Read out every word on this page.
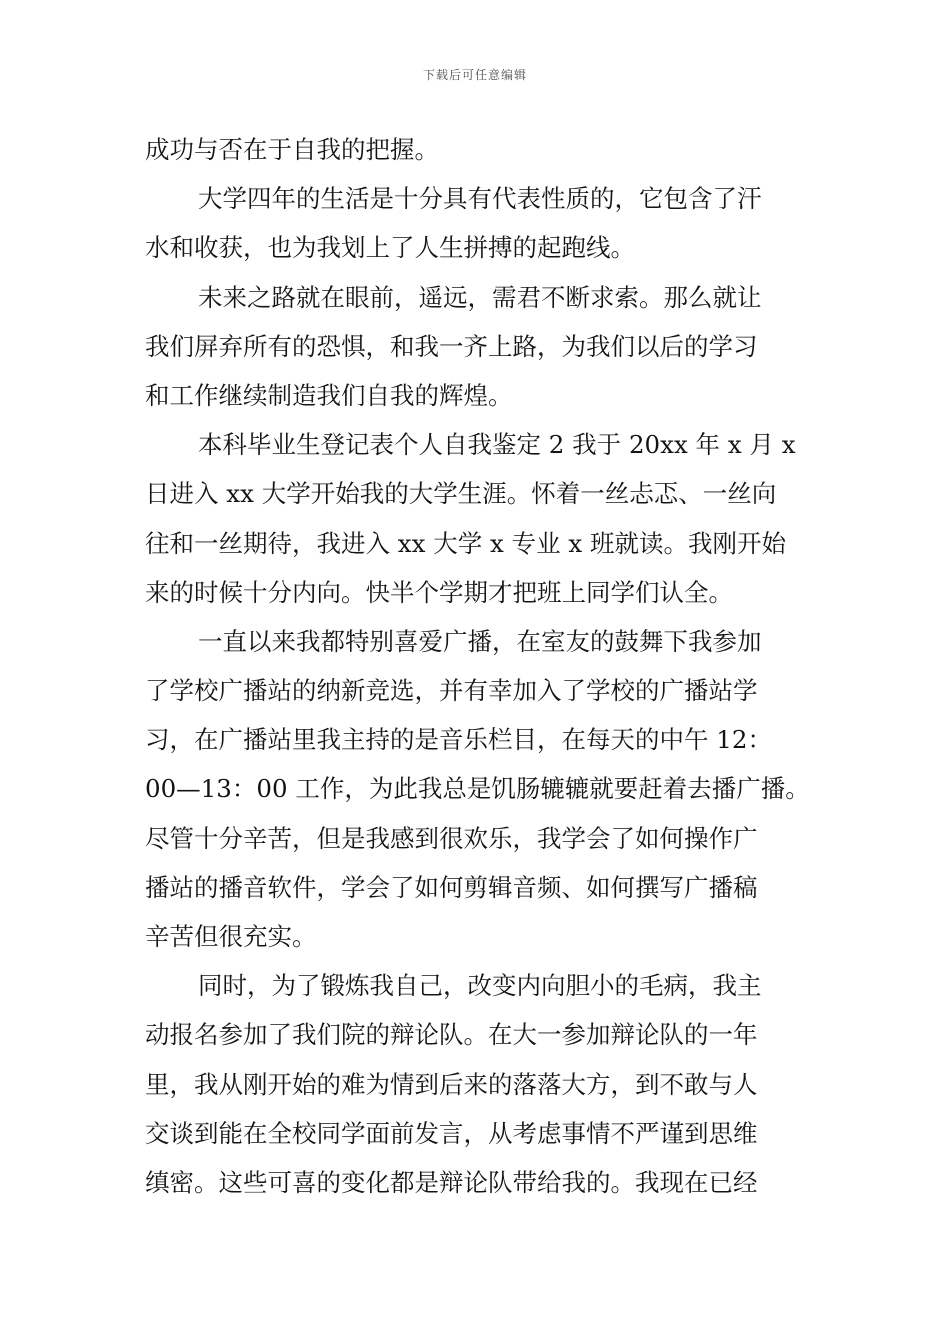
下载后可任意编辑
成功与否在于自我的把握。
大学四年的生活是十分具有代表性质的，它包含了汗
水和收获，也为我划上了人生拼搏的起跑线。
未来之路就在眼前，遥远，需君不断求索。那么就让
我们屏弃所有的恐惧，和我一齐上路，为我们以后的学习
和工作继续制造我们自我的辉煌。
本科毕业生登记表个人自我鉴定 2 我于 20xx 年 x 月 x
日进入 xx 大学开始我的大学生涯。怀着一丝忐忑、一丝向
往和一丝期待，我进入 xx 大学 x 专业 x 班就读。我刚开始
来的时候十分内向。快半个学期才把班上同学们认全。
一直以来我都特别喜爱广播，在室友的鼓舞下我参加
了学校广播站的纳新竞选，并有幸加入了学校的广播站学
习，在广播站里我主持的是音乐栏目，在每天的中午 12：
00—13：00 工作，为此我总是饥肠辘辘就要赶着去播广播。
尽管十分辛苦，但是我感到很欢乐，我学会了如何操作广
播站的播音软件，学会了如何剪辑音频、如何撰写广播稿
辛苦但很充实。
同时，为了锻炼我自己，改变内向胆小的毛病，我主
动报名参加了我们院的辩论队。在大一参加辩论队的一年
里，我从刚开始的难为情到后来的落落大方，到不敢与人
交谈到能在全校同学面前发言，从考虑事情不严谨到思维
缜密。这些可喜的变化都是辩论队带给我的。我现在已经
